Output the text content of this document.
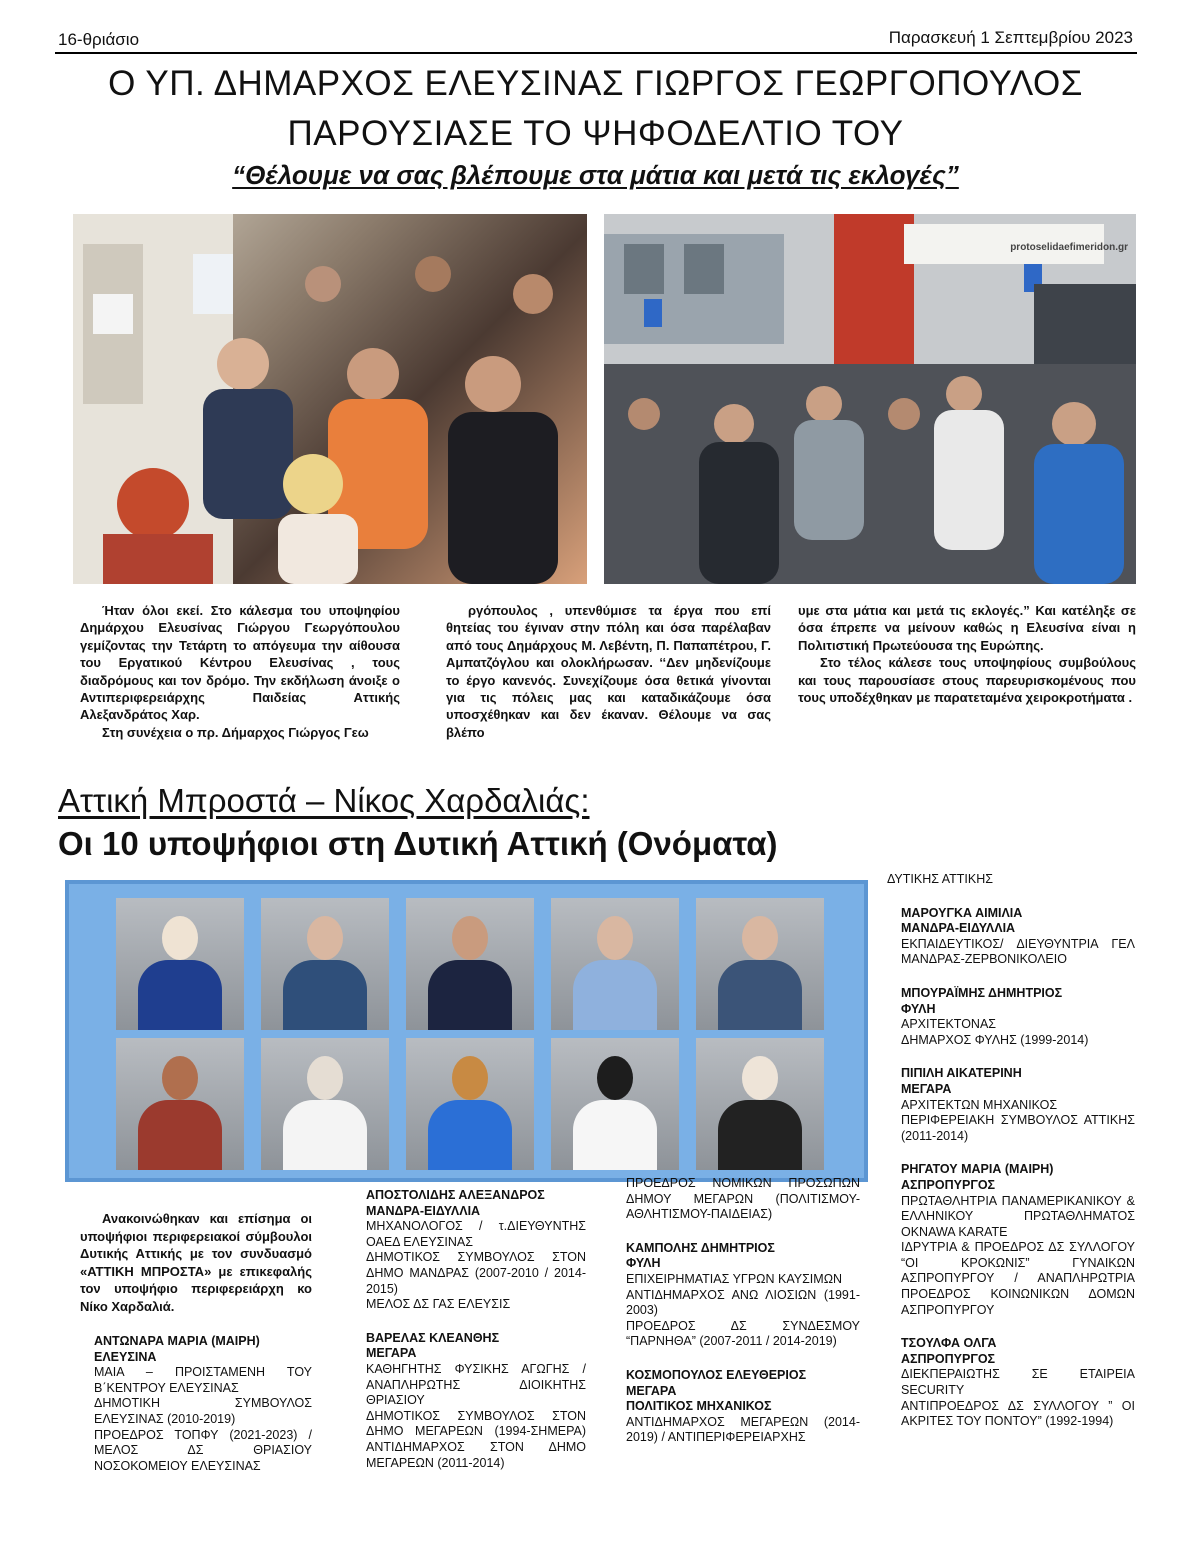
16-θριάσιο	Παρασκευή 1 Σεπτεμβρίου 2023
Ο ΥΠ. ΔΗΜΑΡΧΟΣ ΕΛΕΥΣΙΝΑΣ ΓΙΩΡΓΟΣ ΓΕΩΡΓΟΠΟΥΛΟΣ
ΠΑΡΟΥΣΙΑΣΕ ΤΟ ΨΗΦΟΔΕΛΤΙΟ ΤΟΥ
“Θέλουμε να σας βλέπουμε στα μάτια και μετά τις εκλογές”
protoselidaefimeridon.gr

Ήταν όλοι εκεί. Στο κάλεσμα του υποψηφίου Δημάρχου Ελευσίνας Γιώργου Γεωργόπουλου γεμίζοντας την Τετάρτη το απόγευμα την αίθουσα του Εργατικού Κέντρου Ελευσίνας , τους διαδρόμους και τον δρόμο. Την εκδήλωση άνοιξε ο Αντιπεριφερειάρχης Παιδείας Αττικής Αλεξανδράτος Χαρ.

Στη συνέχεια ο πρ. Δήμαρχος Γιώργος Γεω

ργόπουλος , υπενθύμισε τα έργα που επί θητείας του έγιναν στην πόλη και όσα παρέλαβαν από τους Δημάρχους Μ. Λεβέντη, Π. Παπαπέτρου, Γ. Αμπατζόγλου και ολοκλήρωσαν. ‘‘Δεν μηδενίζουμε το έργο κανενός. Συνεχίζουμε όσα θετικά γίνονται για τις πόλεις μας και καταδικάζουμε όσα υποσχέθηκαν και δεν έκαναν. Θέλουμε να σας βλέπο

υμε στα μάτια και μετά τις εκλογές.” Και κατέληξε σε όσα έπρεπε να μείνουν καθώς η Ελευσίνα είναι η Πολιτιστική Πρωτεύουσα της Ευρώπης.

Στο τέλος κάλεσε τους υποψηφίους συμβούλους και τους παρουσίασε στους παρευρισκομένους που τους υποδέχθηκαν με παρατεταμένα χειροκροτήματα .

Αττική Μπροστά – Νίκος Χαρδαλιάς:
Οι 10 υποψήφιοι στη Δυτική Αττική (Ονόματα)

Ανακοινώθηκαν και επίσημα οι υποψήφιοι περιφερειακοί σύμβουλοι Δυτικής Αττικής με τον συνδυασμό «ΑΤΤΙΚΗ ΜΠΡΟΣΤΑ» με επικεφαλής τον υποψήφιο περιφερειάρχη κο Νίκο Χαρδαλιά.

ΑΝΤΩΝΑΡΑ ΜΑΡΙΑ (ΜΑΙΡΗ)
ΕΛΕΥΣΙΝΑ
ΜΑΙΑ – ΠΡΟΙΣΤΑΜΕΝΗ ΤΟΥ Β΄ΚΕΝΤΡΟΥ ΕΛΕΥΣΙΝΑΣ
ΔΗΜΟΤΙΚΗ ΣΥΜΒΟΥΛΟΣ ΕΛΕΥΣΙΝΑΣ (2010-2019)
ΠΡΟΕΔΡΟΣ ΤΟΠΦΥ (2021-2023) / ΜΕΛΟΣ ΔΣ ΘΡΙΑΣΙΟΥ ΝΟΣΟΚΟΜΕΙΟΥ ΕΛΕΥΣΙΝΑΣ
ΑΠΟΣΤΟΛΙΔΗΣ ΑΛΕΞΑΝΔΡΟΣ
ΜΑΝΔΡΑ-ΕΙΔΥΛΛΙΑ
ΜΗΧΑΝΟΛΟΓΟΣ / τ.ΔΙΕΥΘΥΝΤΗΣ ΟΑΕΔ ΕΛΕΥΣΙΝΑΣ
ΔΗΜΟΤΙΚΟΣ ΣΥΜΒΟΥΛΟΣ ΣΤΟΝ ΔΗΜΟ ΜΑΝΔΡΑΣ (2007-2010 / 2014-2015)
ΜΕΛΟΣ ΔΣ ΓΑΣ ΕΛΕΥΣΙΣ
ΒΑΡΕΛΑΣ ΚΛΕΑΝΘΗΣ
ΜΕΓΑΡΑ
ΚΑΘΗΓΗΤΗΣ ΦΥΣΙΚΗΣ ΑΓΩΓΗΣ / ΑΝΑΠΛΗΡΩΤΗΣ ΔΙΟΙΚΗΤΗΣ ΘΡΙΑΣΙΟΥ
ΔΗΜΟΤΙΚΟΣ ΣΥΜΒΟΥΛΟΣ ΣΤΟΝ ΔΗΜΟ ΜΕΓΑΡΕΩΝ (1994-ΣΗΜΕΡΑ) ΑΝΤΙΔΗΜΑΡΧΟΣ ΣΤΟΝ ΔΗΜΟ ΜΕΓΑΡΕΩΝ (2011-2014)
ΠΡΟΕΔΡΟΣ ΝΟΜΙΚΩΝ ΠΡΟΣΩΠΩΝ ΔΗΜΟΥ ΜΕΓΑΡΩΝ (ΠΟΛΙΤΙΣΜΟΥ- ΑΘΛΗΤΙΣΜΟΥ-ΠΑΙΔΕΙΑΣ)
ΚΑΜΠΟΛΗΣ ΔΗΜΗΤΡΙΟΣ
ΦΥΛΗ
ΕΠΙΧΕΙΡΗΜΑΤΙΑΣ ΥΓΡΩΝ ΚΑΥΣΙΜΩΝ
ΑΝΤΙΔΗΜΑΡΧΟΣ ΑΝΩ ΛΙΟΣΙΩΝ (1991-2003)
ΠΡΟΕΔΡΟΣ ΔΣ ΣΥΝΔΕΣΜΟΥ “ΠΑΡΝΗΘΑ” (2007-2011 / 2014-2019)
ΚΟΣΜΟΠΟΥΛΟΣ ΕΛΕΥΘΕΡΙΟΣ
ΜΕΓΑΡΑ
ΠΟΛΙΤΙΚΟΣ ΜΗΧΑΝΙΚΟΣ
ΑΝΤΙΔΗΜΑΡΧΟΣ ΜΕΓΑΡΕΩΝ (2014-2019) / ΑΝΤΙΠΕΡΙΦΕΡΕΙΑΡΧΗΣ
ΔΥΤΙΚΗΣ ΑΤΤΙΚΗΣ
ΜΑΡΟΥΓΚΑ ΑΙΜΙΛΙΑ
ΜΑΝΔΡΑ-ΕΙΔΥΛΛΙΑ
ΕΚΠΑΙΔΕΥΤΙΚΟΣ/ ΔΙΕΥΘΥΝΤΡΙΑ ΓΕΛ ΜΑΝΔΡΑΣ-ΖΕΡΒΟΝΙΚΟΛΕΙΟ
ΜΠΟΥΡΑΪΜΗΣ ΔΗΜΗΤΡΙΟΣ
ΦΥΛΗ
ΑΡΧΙΤΕΚΤΟΝΑΣ
ΔΗΜΑΡΧΟΣ ΦΥΛΗΣ (1999-2014)
ΠΙΠΙΛΗ ΑΙΚΑΤΕΡΙΝΗ
ΜΕΓΑΡΑ
ΑΡΧΙΤΕΚΤΩΝ ΜΗΧΑΝΙΚΟΣ
ΠΕΡΙΦΕΡΕΙΑΚΗ ΣΥΜΒΟΥΛΟΣ ΑΤΤΙΚΗΣ (2011-2014)
ΡΗΓΑΤΟΥ ΜΑΡΙΑ (ΜΑΙΡΗ)
ΑΣΠΡΟΠΥΡΓΟΣ
ΠΡΩΤΑΘΛΗΤΡΙΑ ΠΑΝΑΜΕΡΙΚΑΝΙΚΟΥ & ΕΛΛΗΝΙΚΟΥ ΠΡΩΤΑΘΛΗΜΑΤΟΣ OKNAWA KARATE
ΙΔΡΥΤΡΙΑ & ΠΡΟΕΔΡΟΣ ΔΣ ΣΥΛΛΟΓΟΥ “ΟΙ ΚΡΟΚΩΝΙΣ” ΓΥΝΑΙΚΩΝ ΑΣΠΡΟΠΥΡΓΟΥ / ΑΝΑΠΛΗΡΩΤΡΙΑ ΠΡΟΕΔΡΟΣ ΚΟΙΝΩΝΙΚΩΝ ΔΟΜΩΝ ΑΣΠΡΟΠΥΡΓΟΥ
ΤΣΟΥΛΦΑ ΟΛΓΑ
ΑΣΠΡΟΠΥΡΓΟΣ
ΔΙΕΚΠΕΡΑΙΩΤΗΣ ΣΕ ΕΤΑΙΡΕΙΑ SECURITY
ΑΝΤΙΠΡΟΕΔΡΟΣ ΔΣ ΣΥΛΛΟΓΟΥ ” ΟΙ ΑΚΡΙΤΕΣ ΤΟΥ ΠΟΝΤΟΥ” (1992-1994)
